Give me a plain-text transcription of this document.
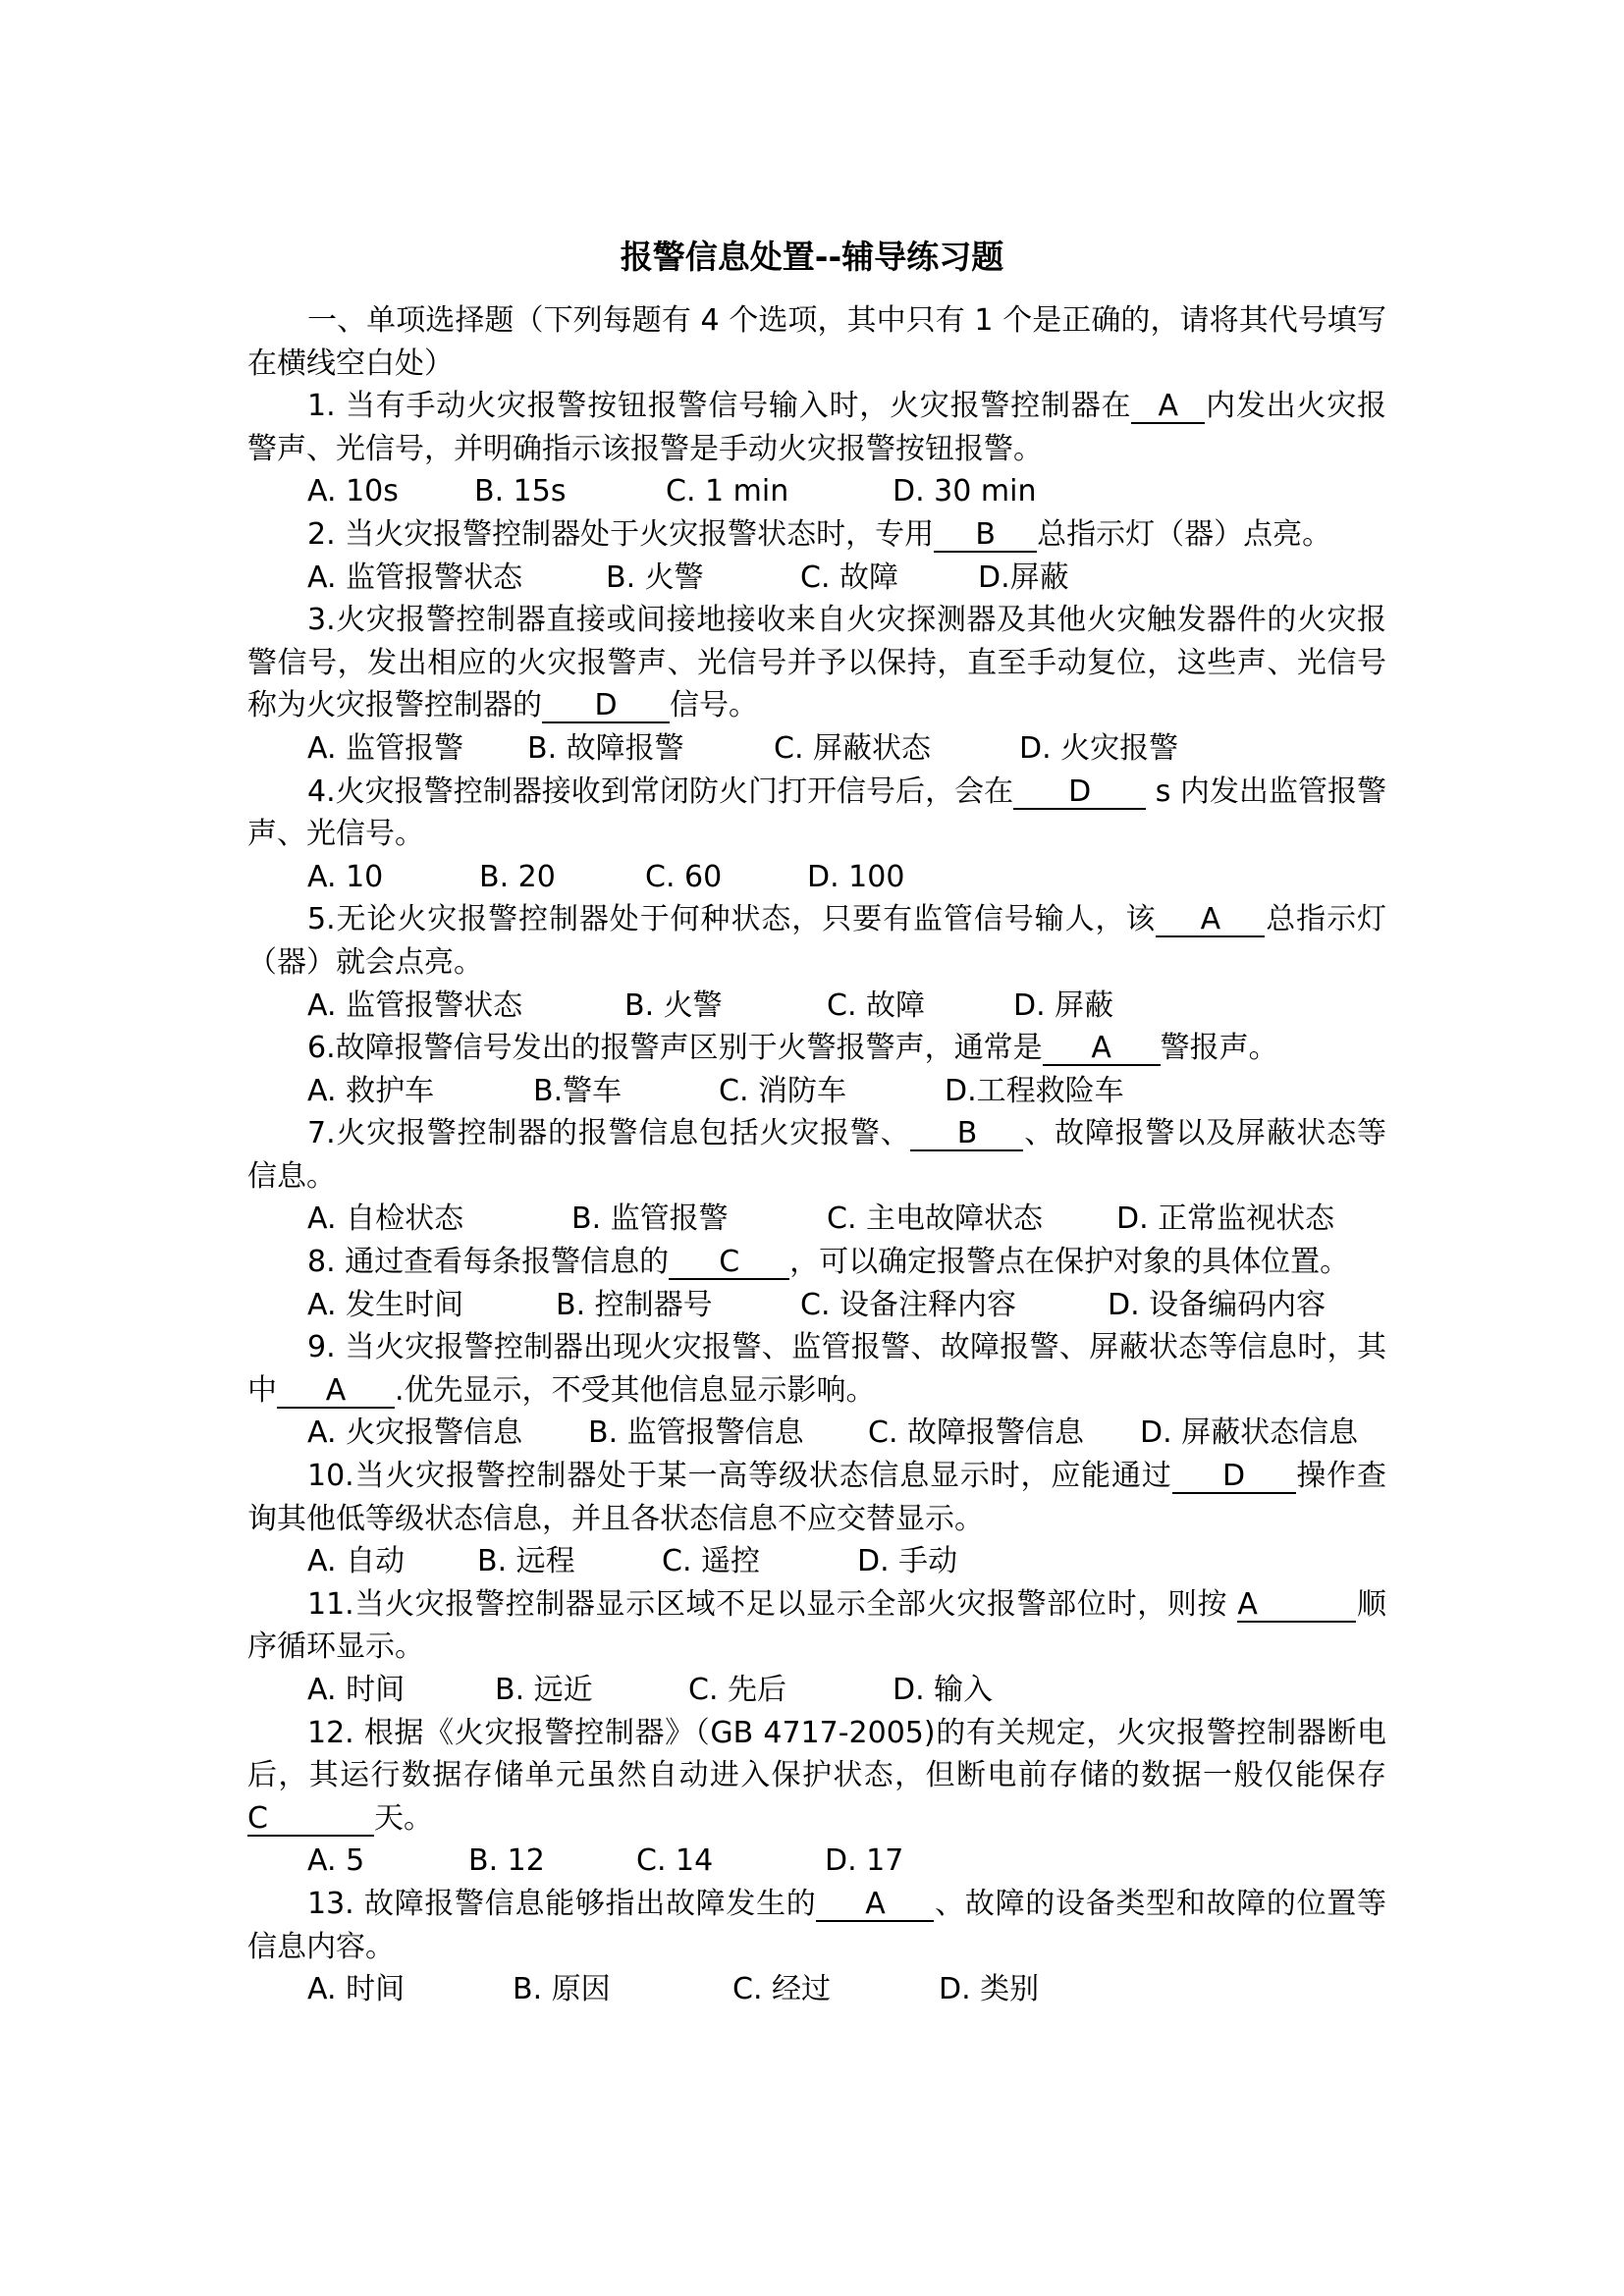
报警信息处置--辅导练习题

一、单项选择题（下列每题有 4 个选项，其中只有 1 个是正确的，请将其代号填写在横线空白处）

1. 当有手动火灾报警按钮报警信号输入时，火灾报警控制器在 A 内发出火灾报警声、光信号，并明确指示该报警是手动火灾报警按钮报警。

A. 10s	B. 15s	C. 1 min	D. 30 min

2. 当火灾报警控制器处于火灾报警状态时，专用 B 总指示灯（器）点亮。

A. 监管报警状态	B. 火警	C. 故障	D.屏蔽

3.火灾报警控制器直接或间接地接收来自火灾探测器及其他火灾触发器件的火灾报警信号，发出相应的火灾报警声、光信号并予以保持，直至手动复位，这些声、光信号称为火灾报警控制器的 D 信号。

A. 监管报警 B. 故障报警	C. 屏蔽状态	D. 火灾报警

4.火灾报警控制器接收到常闭防火门打开信号后，会在 D s 内发出监管报警声、光信号。

A. 10	B. 20	C. 60	D. 100

5.无论火灾报警控制器处于何种状态，只要有监管信号输人，该 A 总指示灯（器）就会点亮。

A. 监管报警状态	B. 火警	C. 故障	D. 屏蔽

6.故障报警信号发出的报警声区别于火警报警声，通常是 A 警报声。

A. 救护车	B.警车	C. 消防车	D.工程救险车

7.火灾报警控制器的报警信息包括火灾报警、 B 、故障报警以及屏蔽状态等信息。

A. 自检状态	B. 监管报警	C. 主电故障状态 D. 正常监视状态

8. 通过查看每条报警信息的 C ，可以确定报警点在保护对象的具体位置。

A. 发生时间	B. 控制器号	C. 设备注释内容	D. 设备编码内容

9. 当火灾报警控制器出现火灾报警、监管报警、故障报警、屏蔽状态等信息时，其中 A .优先显示，不受其他信息显示影响。

A. 火灾报警信息 B. 监管报警信息 C. 故障报警信息 D. 屏蔽状态信息

10.当火灾报警控制器处于某一高等级状态信息显示时，应能通过 D 操作查询其他低等级状态信息，并且各状态信息不应交替显示。

A. 自动 B. 远程	C. 遥控	D. 手动

11.当火灾报警控制器显示区域不足以显示全部火灾报警部位时，则按 A	顺序循环显示。

A. 时间	B. 远近	C. 先后	D. 输入

12. 根据《火灾报警控制器》（GB 4717-2005)的有关规定，火灾报警控制器断电后，其运行数据存储单元虽然自动进入保护状态，但断电前存储的数据一般仅能保存C	天。

A. 5	B. 12	C. 14	D. 17

13. 故障报警信息能够指出故障发生的 A 、故障的设备类型和故障的位置等信息内容。

A. 时间	B. 原因	C. 经过	D. 类别
